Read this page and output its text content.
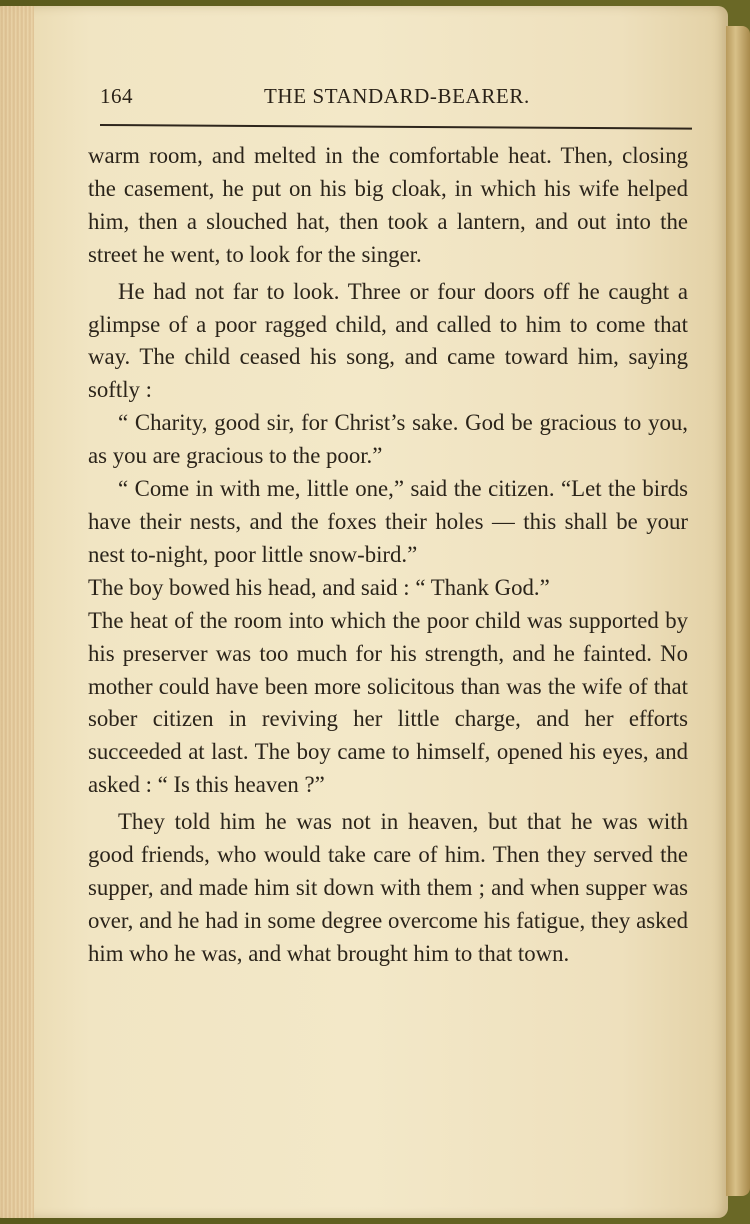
164	THE STANDARD-BEARER.

warm room, and melted in the comfortable heat. Then, closing the casement, he put on his big cloak, in which his wife helped him, then a slouched hat, then took a lantern, and out into the street he went, to look for the singer.

He had not far to look. Three or four doors off he caught a glimpse of a poor ragged child, and called to him to come that way. The child ceased his song, and came toward him, saying softly :

“ Charity, good sir, for Christ’s sake. God be gracious to you, as you are gracious to the poor.”

“ Come in with me, little one,” said the citizen. “Let the birds have their nests, and the foxes their holes — this shall be your nest to-night, poor little snow-bird.”

The boy bowed his head, and said : “ Thank God.”

The heat of the room into which the poor child was supported by his preserver was too much for his strength, and he fainted. No mother could have been more solicitous than was the wife of that sober citizen in reviving her little charge, and her efforts succeeded at last. The boy came to himself, opened his eyes, and asked : “ Is this heaven ?”

They told him he was not in heaven, but that he was with good friends, who would take care of him. Then they served the supper, and made him sit down with them ; and when supper was over, and he had in some degree overcome his fatigue, they asked him who he was, and what brought him to that town.
